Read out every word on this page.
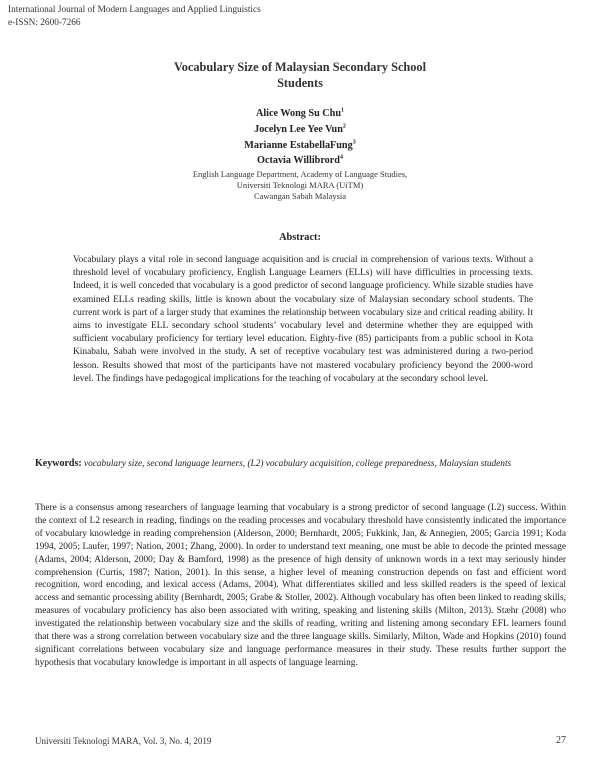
International Journal of Modern Languages and Applied Linguistics
e-ISSN: 2600-7266
Vocabulary Size of Malaysian Secondary School
Students
Alice Wong Su Chu$^1$
Jocelyn Lee Yee Vun$^2$
Marianne EstabellaFung$^3$
Octavia Willibrord$^4$
English Language Department, Academy of Language Studies,
Universiti Teknologi MARA (UiTM)
Cawangan Sabah Malaysia
Abstract:
Vocabulary plays a vital role in second language acquisition and is crucial in comprehension of various texts. Without a threshold level of vocabulary proficiency, English Language Learners (ELLs) will have difficulties in processing texts. Indeed, it is well conceded that vocabulary is a good predictor of second language proficiency. While sizable studies have examined ELLs reading skills, little is known about the vocabulary size of Malaysian secondary school students. The current work is part of a larger study that examines the relationship between vocabulary size and critical reading ability. It aims to investigate ELL secondary school students’ vocabulary level and determine whether they are equipped with sufficient vocabulary proficiency for tertiary level education. Eighty-five (85) participants from a public school in Kota Kinabalu, Sabah were involved in the study. A set of receptive vocabulary test was administered during a two-period lesson. Results showed that most of the participants have not mastered vocabulary proficiency beyond the 2000-word level. The findings have pedagogical implications for the teaching of vocabulary at the secondary school level.
Keywords: vocabulary size, second language learners, (L2) vocabulary acquisition, college preparedness, Malaysian students
There is a consensus among researchers of language learning that vocabulary is a strong predictor of second language (L2) success. Within the context of L2 research in reading, findings on the reading processes and vocabulary threshold have consistently indicated the importance of vocabulary knowledge in reading comprehension (Alderson, 2000; Bernhardt, 2005; Fukkink, Jan, & Annegien, 2005; Garcia 1991; Koda 1994, 2005; Laufer, 1997; Nation, 2001; Zhang, 2000). In order to understand text meaning, one must be able to decode the printed message (Adams, 2004; Alderson, 2000; Day & Bamford, 1998) as the presence of high density of unknown words in a text may seriously hinder comprehension (Curtis, 1987; Nation, 2001). In this sense, a higher level of meaning construction depends on fast and efficient word recognition, word encoding, and lexical access (Adams, 2004). What differentiates skilled and less skilled readers is the speed of lexical access and semantic processing ability (Bernhardt, 2005; Grabe & Stoller, 2002). Although vocabulary has often been linked to reading skills, measures of vocabulary proficiency has also been associated with writing, speaking and listening skills (Milton, 2013). Stæhr (2008) who investigated the relationship between vocabulary size and the skills of reading, writing and listening among secondary EFL learners found that there was a strong correlation between vocabulary size and the three language skills. Similarly, Milton, Wade and Hopkins (2010) found significant correlations between vocabulary size and language performance measures in their study. These results further support the hypothesis that vocabulary knowledge is important in all aspects of language learning.
Universiti Teknologi MARA, Vol. 3, No. 4, 2019	27
